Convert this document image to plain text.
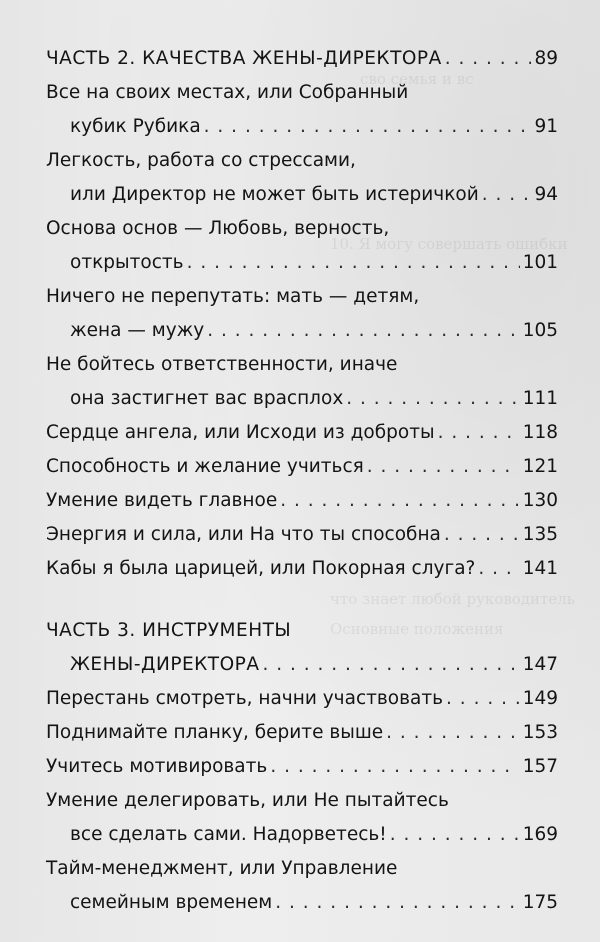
сво семья и вс
10. Я могу совершать ошибки
что знает любой руководитель
Основные положения
ЧАСТЬ 2. КАЧЕСТВА ЖЕНЫ-ДИРЕКТОРА . . .	89
Все на своих местах, или Собранный
кубик Рубика . . .	91
Легкость, работа со стрессами,
или Директор не может быть истеричкой . . .	94
Основа основ — Любовь, верность,
открытость . . .	101
Ничего не перепутать: мать — детям,
жена — мужу . . .	105
Не бойтесь ответственности, иначе
она застигнет вас врасплох . . .	111
Сердце ангела, или Исходи из доброты . . .	118
Способность и желание учиться . . .	121
Умение видеть главное . . .	130
Энергия и сила, или На что ты способна . . .	135
Кабы я была царицей, или Покорная слуга? . . .	141
ЧАСТЬ 3. ИНСТРУМЕНТЫ
ЖЕНЫ-ДИРЕКТОРА . . .	147
Перестань смотреть, начни участвовать . . .	149
Поднимайте планку, берите выше . . .	153
Учитесь мотивировать . . .	157
Умение делегировать, или Не пытайтесь
все сделать сами. Надорветесь! . . .	169
Тайм-менеджмент, или Управление
семейным временем . . .	175
